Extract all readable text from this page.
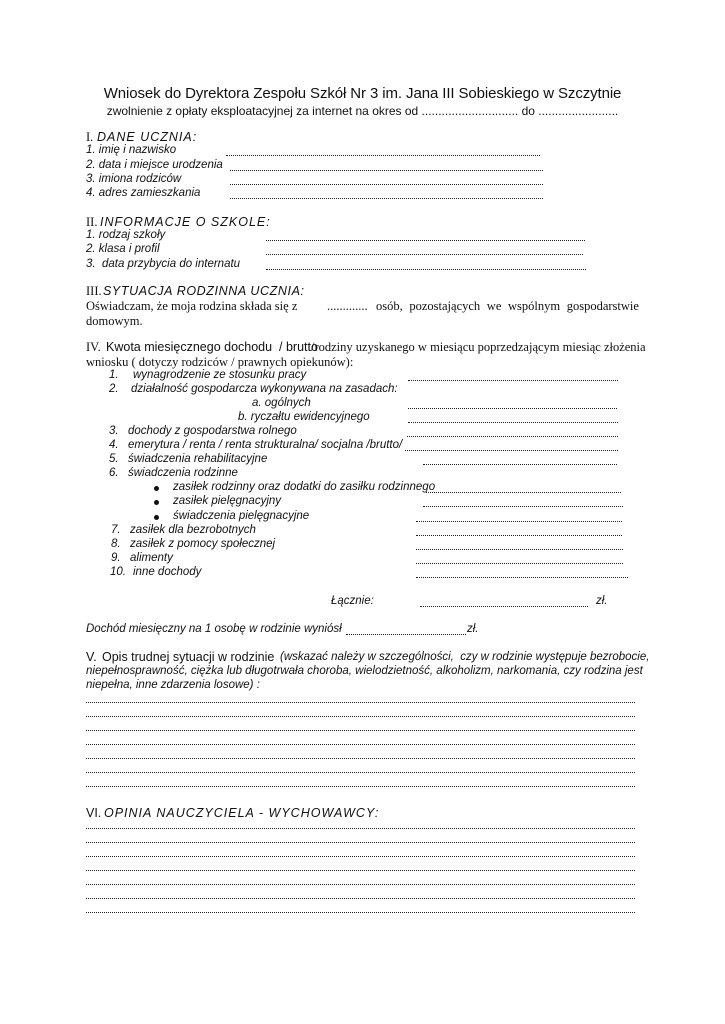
Wniosek do Dyrektora Zespołu Szkół Nr 3 im. Jana III Sobieskiego w Szczytnie
zwolnienie z opłaty eksploatacyjnej za internet na okres od ............................. do ........................
I. DANE UCZNIA:
1. imię i nazwisko
2. data i miejsce urodzenia
3. imiona rodziców
4. adres zamieszkania
II. INFORMACJE O SZKOLE:
1. rodzaj szkoły
2. klasa i profil
3.  data przybycia do internatu
III. SYTUACJA RODZINNA UCZNIA:
Oświadczam, że moja rodzina składa się z ............. osób, pozostających we wspólnym gospodarstwie
domowym.
IV. Kwota miesięcznego dochodu  / brutto
/rodziny uzyskanego w miesiącu poprzedzającym miesiąc złożenia
wniosku ( dotyczy rodziców / prawnych opiekunów):
1. wynagrodzenie ze stosunku pracy
2. działalność gospodarcza wykonywana na zasadach:
a. ogólnych
b. ryczałtu ewidencyjnego
3. dochody z gospodarstwa rolnego
4. emerytura / renta / renta strukturalna/ socjalna /brutto/
5. świadczenia rehabilitacyjne
6. świadczenia rodzinne
zasiłek rodzinny oraz dodatki do zasiłku rodzinnego
zasiłek pielęgnacyjny
świadczenia pielęgnacyjne
7. zasiłek dla bezrobotnych
8. zasiłek z pomocy społecznej
9. alimenty
10. inne dochody
Łącznie:	zł.
Dochód miesięczny na 1 osobę w rodzinie wyniósł	zł.
V. Opis trudnej sytuacji w rodzinie (wskazać należy w szczególności,  czy w rodzinie występuje bezrobocie,
niepełnosprawność, ciężka lub długotrwała choroba, wielodzietność, alkoholizm, narkomania, czy rodzina jest
niepełna, inne zdarzenia losowe) :
VI. OPINIA NAUCZYCIELA - WYCHOWAWCY:
